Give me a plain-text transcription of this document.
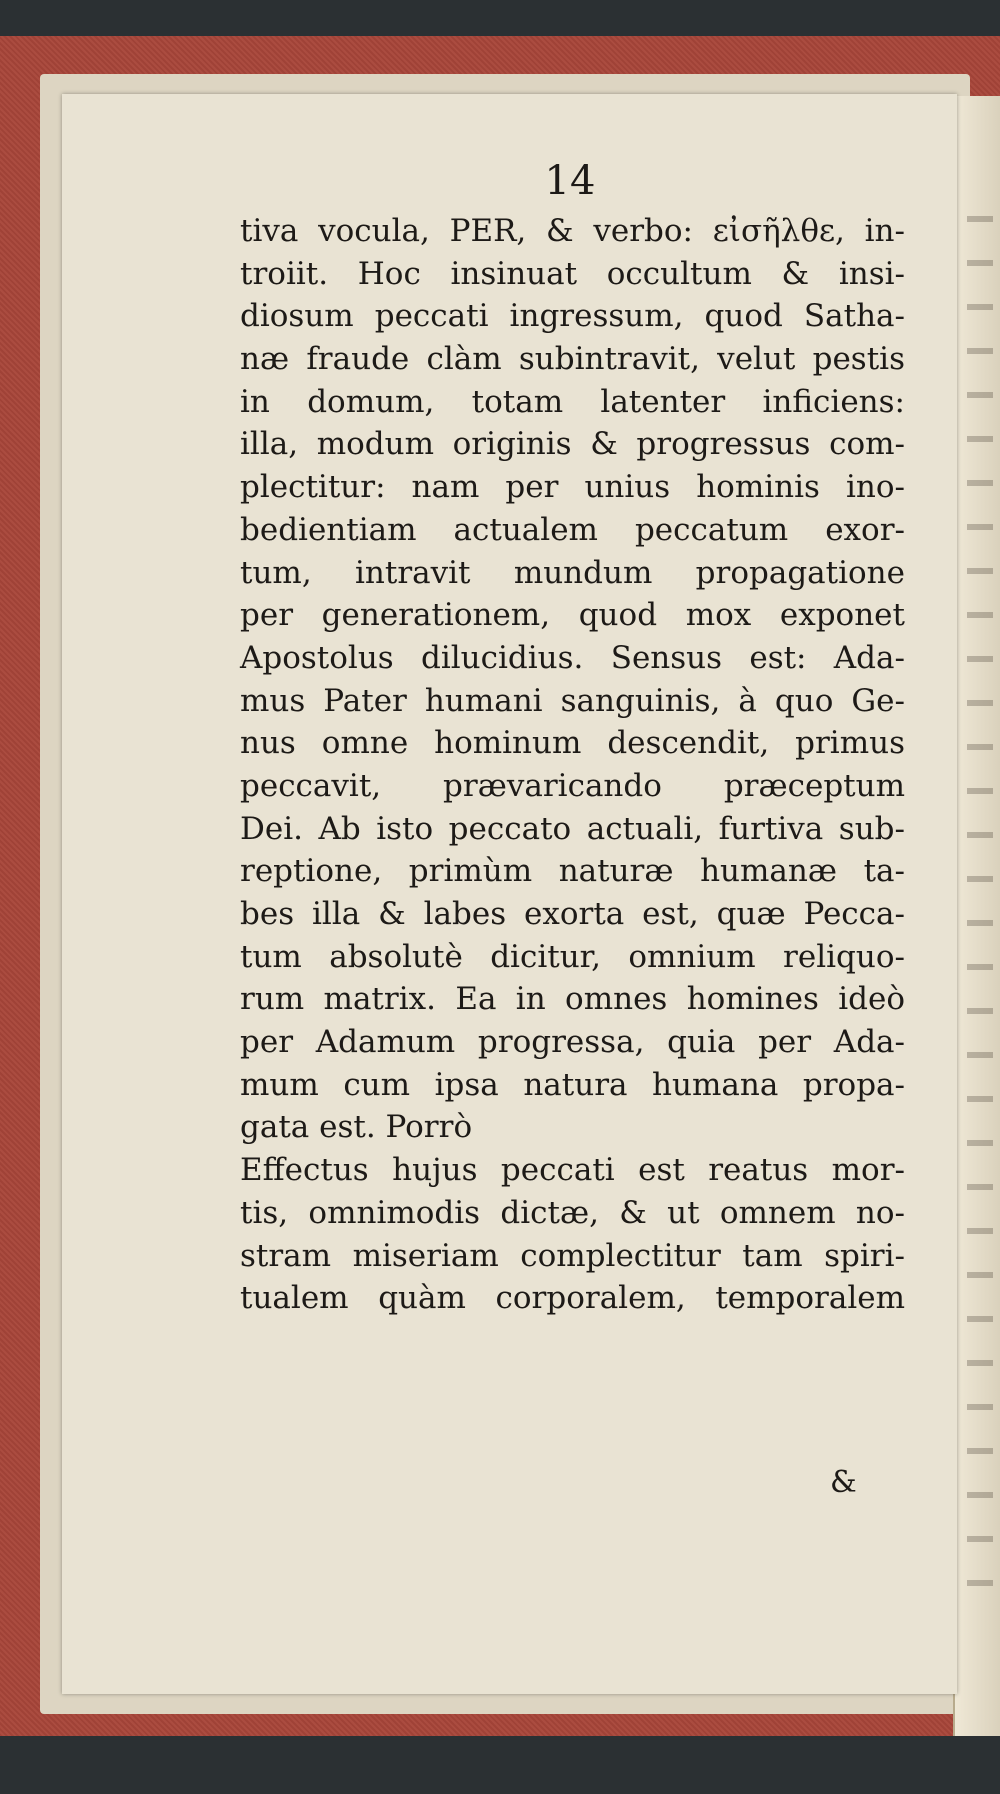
14
tiva vocula, PER, & verbo: εἰσῆλθε, in-
troiit. Hoc insinuat occultum & insi-
diosum peccati ingressum, quod Satha-
næ fraude clàm subintravit, velut pestis
in domum, totam latenter inficiens:
illa, modum originis & progressus com-
plectitur: nam per unius hominis ino-
bedientiam actualem peccatum exor-
tum, intravit mundum propagatione
per generationem, quod mox exponet
Apostolus dilucidius. Sensus est: Ada-
mus Pater humani sanguinis, à quo Ge-
nus omne hominum descendit, primus
peccavit, prævaricando præceptum
Dei. Ab isto peccato actuali, furtiva sub-
reptione, primùm naturæ humanæ ta-
bes illa & labes exorta est, quæ Pecca-
tum absolutè dicitur, omnium reliquo-
rum matrix. Ea in omnes homines ideò
per Adamum progressa, quia per Ada-
mum cum ipsa natura humana propa-
gata est. Porrò
Effectus hujus peccati est reatus mor-
tis, omnimodis dictæ, & ut omnem no-
stram miseriam complectitur tam spiri-
tualem quàm corporalem, temporalem
&
